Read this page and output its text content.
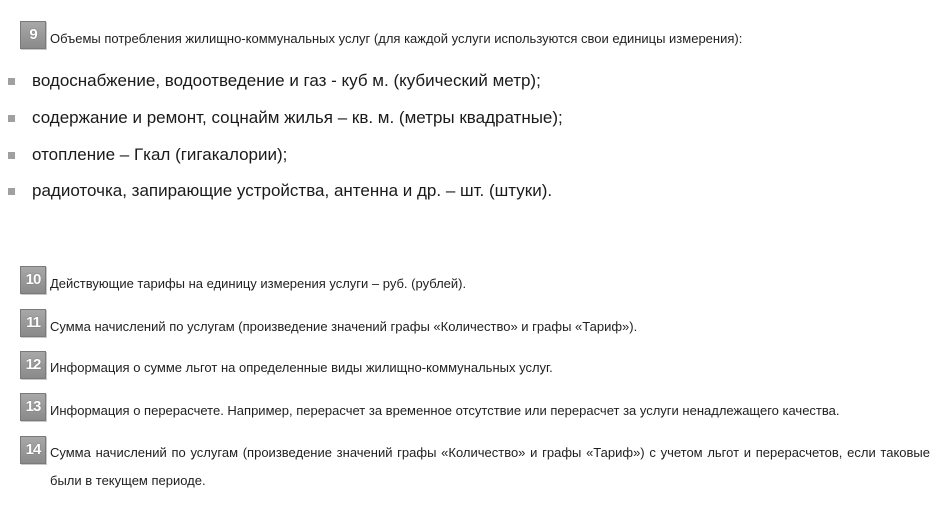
9	Объемы потребления жилищно-коммунальных услуг (для каждой услуги используются свои единицы измерения):
водоснабжение, водоотведение и газ - куб м. (кубический метр);
содержание и ремонт, соцнайм жилья – кв. м. (метры квадратные);
отопление – Гкал (гигакалории);
радиоточка, запирающие устройства, антенна и др. – шт. (штуки).
10 Действующие тарифы на единицу измерения услуги – руб. (рублей).
11 Сумма начислений по услугам (произведение значений графы «Количество» и графы «Тариф»).
12 Информация о сумме льгот на определенные виды жилищно-коммунальных услуг.
13 Информация о перерасчете. Например, перерасчет за временное отсутствие или перерасчет за услуги ненадлежащего качества.
14 Сумма начислений по услугам (произведение значений графы «Количество» и графы «Тариф») с учетом льгот и перерасчетов, если таковые были в текущем периоде.
